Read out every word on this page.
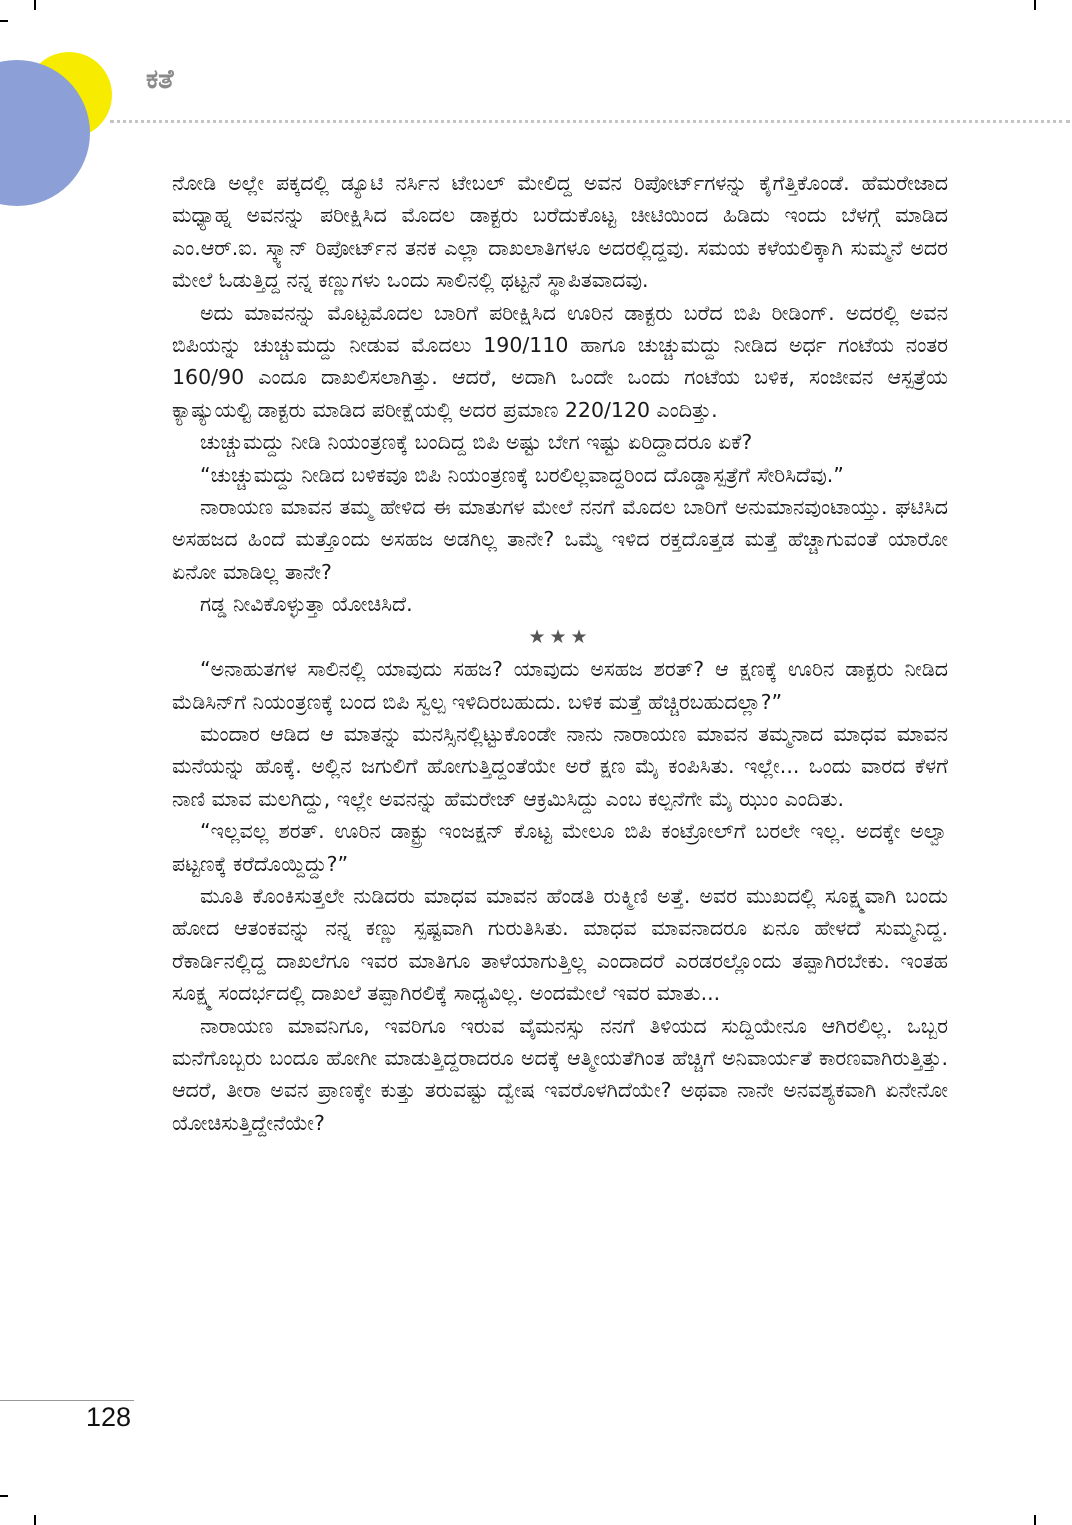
ಕತೆ

ನೋಡಿ ಅಲ್ಲೇ ಪಕ್ಕದಲ್ಲಿ ಡ್ಯೂಟಿ ನರ್ಸಿನ ಟೇಬಲ್ ಮೇಲಿದ್ದ ಅವನ ರಿಪೋರ್ಟ್‌ಗಳನ್ನು ಕೈಗೆತ್ತಿಕೊಂಡೆ. ಹೆಮರೇಜಾದ ಮಧ್ಯಾಹ್ನ ಅವನನ್ನು ಪರೀಕ್ಷಿಸಿದ ಮೊದಲ ಡಾಕ್ಟರು ಬರೆದುಕೊಟ್ಟ ಚೀಟಿಯಿಂದ ಹಿಡಿದು ಇಂದು ಬೆಳಗ್ಗೆ ಮಾಡಿದ ಎಂ.ಆರ್.ಐ. ಸ್ಕ್ಯಾನ್ ರಿಪೋರ್ಟ್‌ನ ತನಕ ಎಲ್ಲಾ ದಾಖಲಾತಿಗಳೂ ಅದರಲ್ಲಿದ್ದವು. ಸಮಯ ಕಳೆಯಲಿಕ್ಕಾಗಿ ಸುಮ್ಮನೆ ಅದರ ಮೇಲೆ ಓಡುತ್ತಿದ್ದ ನನ್ನ ಕಣ್ಣುಗಳು ಒಂದು ಸಾಲಿನಲ್ಲಿ ಥಟ್ಟನೆ ಸ್ಥಾಪಿತವಾದವು.

ಅದು ಮಾವನನ್ನು ಮೊಟ್ಟಮೊದಲ ಬಾರಿಗೆ ಪರೀಕ್ಷಿಸಿದ ಊರಿನ ಡಾಕ್ಟರು ಬರೆದ ಬಿಪಿ ರೀಡಿಂಗ್. ಅದರಲ್ಲಿ ಅವನ ಬಿಪಿಯನ್ನು ಚುಚ್ಚುಮದ್ದು ನೀಡುವ ಮೊದಲು 190/110 ಹಾಗೂ ಚುಚ್ಚುಮದ್ದು ನೀಡಿದ ಅರ್ಧ ಗಂಟೆಯ ನಂತರ 160/90 ಎಂದೂ ದಾಖಲಿಸಲಾಗಿತ್ತು. ಆದರೆ, ಅದಾಗಿ ಒಂದೇ ಒಂದು ಗಂಟೆಯ ಬಳಿಕ, ಸಂಜೀವನ ಆಸ್ಪತ್ರೆಯ ಕ್ಯಾಷ್ಯುಯಲ್ಟಿ ಡಾಕ್ಟರು ಮಾಡಿದ ಪರೀಕ್ಷೆಯಲ್ಲಿ ಅದರ ಪ್ರಮಾಣ 220/120 ಎಂದಿತ್ತು.

ಚುಚ್ಚುಮದ್ದು ನೀಡಿ ನಿಯಂತ್ರಣಕ್ಕೆ ಬಂದಿದ್ದ ಬಿಪಿ ಅಷ್ಟು ಬೇಗ ಇಷ್ಟು ಏರಿದ್ದಾದರೂ ಏಕೆ?

“ಚುಚ್ಚುಮದ್ದು ನೀಡಿದ ಬಳಿಕವೂ ಬಿಪಿ ನಿಯಂತ್ರಣಕ್ಕೆ ಬರಲಿಲ್ಲವಾದ್ದರಿಂದ ದೊಡ್ಡಾಸ್ಪತ್ರೆಗೆ ಸೇರಿಸಿದೆವು.”

ನಾರಾಯಣ ಮಾವನ ತಮ್ಮ ಹೇಳಿದ ಈ ಮಾತುಗಳ ಮೇಲೆ ನನಗೆ ಮೊದಲ ಬಾರಿಗೆ ಅನುಮಾನವುಂಟಾಯ್ತು. ಘಟಿಸಿದ ಅಸಹಜದ ಹಿಂದೆ ಮತ್ತೊಂದು ಅಸಹಜ ಅಡಗಿಲ್ಲ ತಾನೇ? ಒಮ್ಮೆ ಇಳಿದ ರಕ್ತದೊತ್ತಡ ಮತ್ತೆ ಹೆಚ್ಚಾಗುವಂತೆ ಯಾರೋ ಏನೋ ಮಾಡಿಲ್ಲ ತಾನೇ?

ಗಡ್ಡ ನೀವಿಕೊಳ್ಳುತ್ತಾ ಯೋಚಿಸಿದೆ.

★★★

“ಅನಾಹುತಗಳ ಸಾಲಿನಲ್ಲಿ ಯಾವುದು ಸಹಜ? ಯಾವುದು ಅಸಹಜ ಶರತ್? ಆ ಕ್ಷಣಕ್ಕೆ ಊರಿನ ಡಾಕ್ಟರು ನೀಡಿದ ಮೆಡಿಸಿನ್‌ಗೆ ನಿಯಂತ್ರಣಕ್ಕೆ ಬಂದ ಬಿಪಿ ಸ್ವಲ್ಪ ಇಳಿದಿರಬಹುದು. ಬಳಿಕ ಮತ್ತೆ ಹೆಚ್ಚಿರಬಹುದಲ್ಲಾ?”

ಮಂದಾರ ಆಡಿದ ಆ ಮಾತನ್ನು ಮನಸ್ಸಿನಲ್ಲಿಟ್ಟುಕೊಂಡೇ ನಾನು ನಾರಾಯಣ ಮಾವನ ತಮ್ಮನಾದ ಮಾಧವ ಮಾವನ ಮನೆಯನ್ನು ಹೊಕ್ಕೆ. ಅಲ್ಲಿನ ಜಗುಲಿಗೆ ಹೋಗುತ್ತಿದ್ದಂತೆಯೇ ಅರೆ ಕ್ಷಣ ಮೈ ಕಂಪಿಸಿತು. ಇಲ್ಲೇ... ಒಂದು ವಾರದ ಕೆಳಗೆ ನಾಣಿ ಮಾವ ಮಲಗಿದ್ದು, ಇಲ್ಲೇ ಅವನನ್ನು ಹೆಮರೇಜ್ ಆಕ್ರಮಿಸಿದ್ದು ಎಂಬ ಕಲ್ಪನೆಗೇ ಮೈ ಝುಂ ಎಂದಿತು.

“ಇಲ್ಲವಲ್ಲ ಶರತ್. ಊರಿನ ಡಾಕ್ಟ್ರು ಇಂಜಕ್ಷನ್ ಕೊಟ್ಟ ಮೇಲೂ ಬಿಪಿ ಕಂಟ್ರೋಲ್‌ಗೆ ಬರಲೇ ಇಲ್ಲ. ಅದಕ್ಕೇ ಅಲ್ವಾ ಪಟ್ಟಣಕ್ಕೆ ಕರೆದೊಯ್ದಿದ್ದು?”

ಮೂತಿ ಕೊಂಕಿಸುತ್ತಲೇ ನುಡಿದರು ಮಾಧವ ಮಾವನ ಹೆಂಡತಿ ರುಕ್ಮಿಣಿ ಅತ್ತೆ. ಅವರ ಮುಖದಲ್ಲಿ ಸೂಕ್ಷ್ಮವಾಗಿ ಬಂದು ಹೋದ ಆತಂಕವನ್ನು ನನ್ನ ಕಣ್ಣು ಸ್ಪಷ್ಟವಾಗಿ ಗುರುತಿಸಿತು. ಮಾಧವ ಮಾವನಾದರೂ ಏನೂ ಹೇಳದೆ ಸುಮ್ಮನಿದ್ದ. ರೆಕಾರ್ಡಿನಲ್ಲಿದ್ದ ದಾಖಲೆಗೂ ಇವರ ಮಾತಿಗೂ ತಾಳೆಯಾಗುತ್ತಿಲ್ಲ ಎಂದಾದರೆ ಎರಡರಲ್ಲೊಂದು ತಪ್ಪಾಗಿರಬೇಕು. ಇಂತಹ ಸೂಕ್ಷ್ಮ ಸಂದರ್ಭದಲ್ಲಿ ದಾಖಲೆ ತಪ್ಪಾಗಿರಲಿಕ್ಕೆ ಸಾಧ್ಯವಿಲ್ಲ. ಅಂದಮೇಲೆ ಇವರ ಮಾತು...

ನಾರಾಯಣ ಮಾವನಿಗೂ, ಇವರಿಗೂ ಇರುವ ವೈಮನಸ್ಸು ನನಗೆ ತಿಳಿಯದ ಸುದ್ದಿಯೇನೂ ಆಗಿರಲಿಲ್ಲ. ಒಬ್ಬರ ಮನೆಗೊಬ್ಬರು ಬಂದೂ ಹೋಗೀ ಮಾಡುತ್ತಿದ್ದರಾದರೂ ಅದಕ್ಕೆ ಆತ್ಮೀಯತೆಗಿಂತ ಹೆಚ್ಚಿಗೆ ಅನಿವಾರ್ಯತೆ ಕಾರಣವಾಗಿರುತ್ತಿತ್ತು. ಆದರೆ, ತೀರಾ ಅವನ ಪ್ರಾಣಕ್ಕೇ ಕುತ್ತು ತರುವಷ್ಟು ದ್ವೇಷ ಇವರೊಳಗಿದೆಯೇ? ಅಥವಾ ನಾನೇ ಅನವಶ್ಯಕವಾಗಿ ಏನೇನೋ ಯೋಚಿಸುತ್ತಿದ್ದೇನೆಯೇ?

128
